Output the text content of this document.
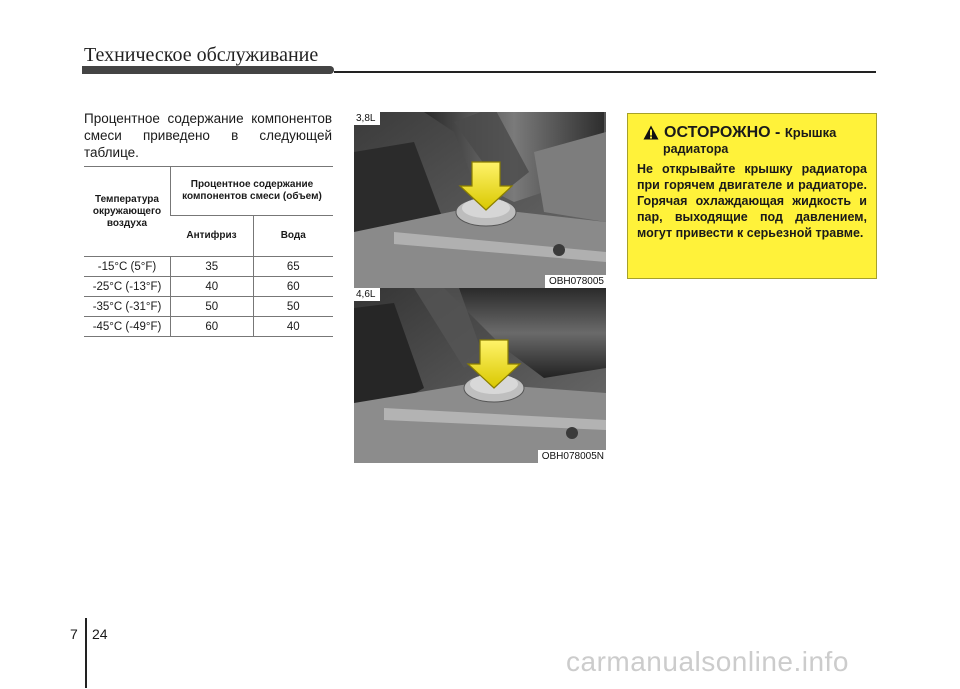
Техническое обслуживание
Процентное содержание компонентов смеси приведено в следующей таблице.
Температура окружающего воздуха	Процентное содержание компонентов смеси (объем)	
	Антифриз	Вода
-15°C (5°F)	35	65
-25°C (-13°F)	40	60
-35°C (-31°F)	50	50
-45°C (-49°F)	60	40
3,8L
OBH078005
4,6L
OBH078005N
ОСТОРОЖНО - Крышка
радиатора
Не открывайте крышку радиатора при горячем двигателе и радиаторе. Горячая охлаждающая жидкость и пар, выходящие под давлением, могут привести к серьезной травме.
7 24
carmanualsonline.info
